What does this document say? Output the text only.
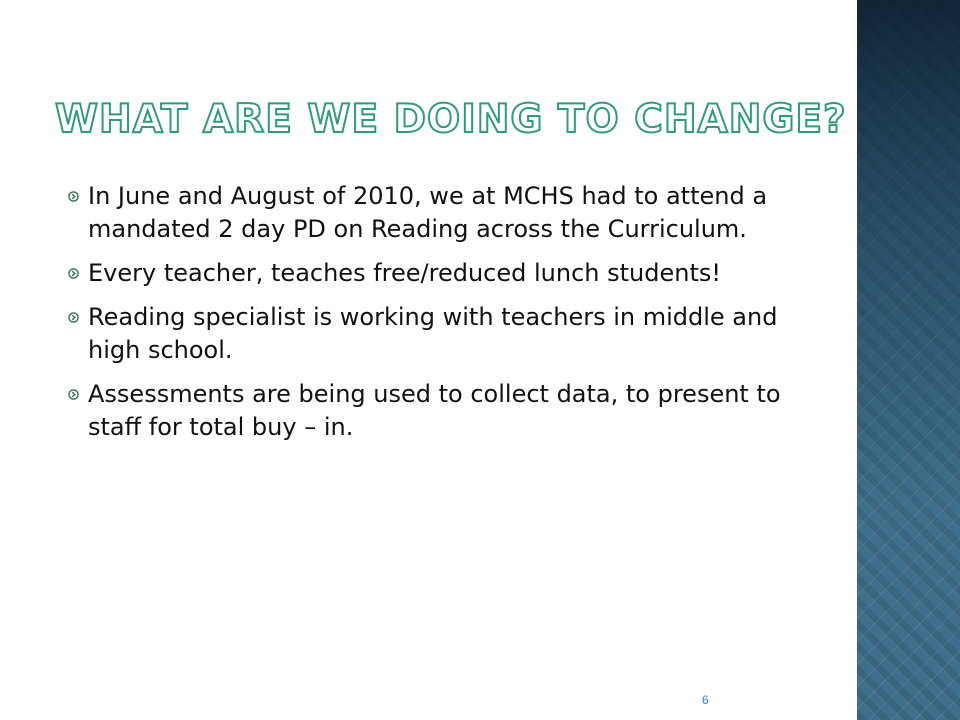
WHAT ARE WE DOING TO CHANGE?
In June and August of 2010, we at MCHS had to attend a mandated 2 day PD on Reading across the Curriculum.
Every teacher, teaches free/reduced lunch students!
Reading specialist is working with teachers in middle and high school.
Assessments are being used to collect data, to present to staff for total buy – in.
6
